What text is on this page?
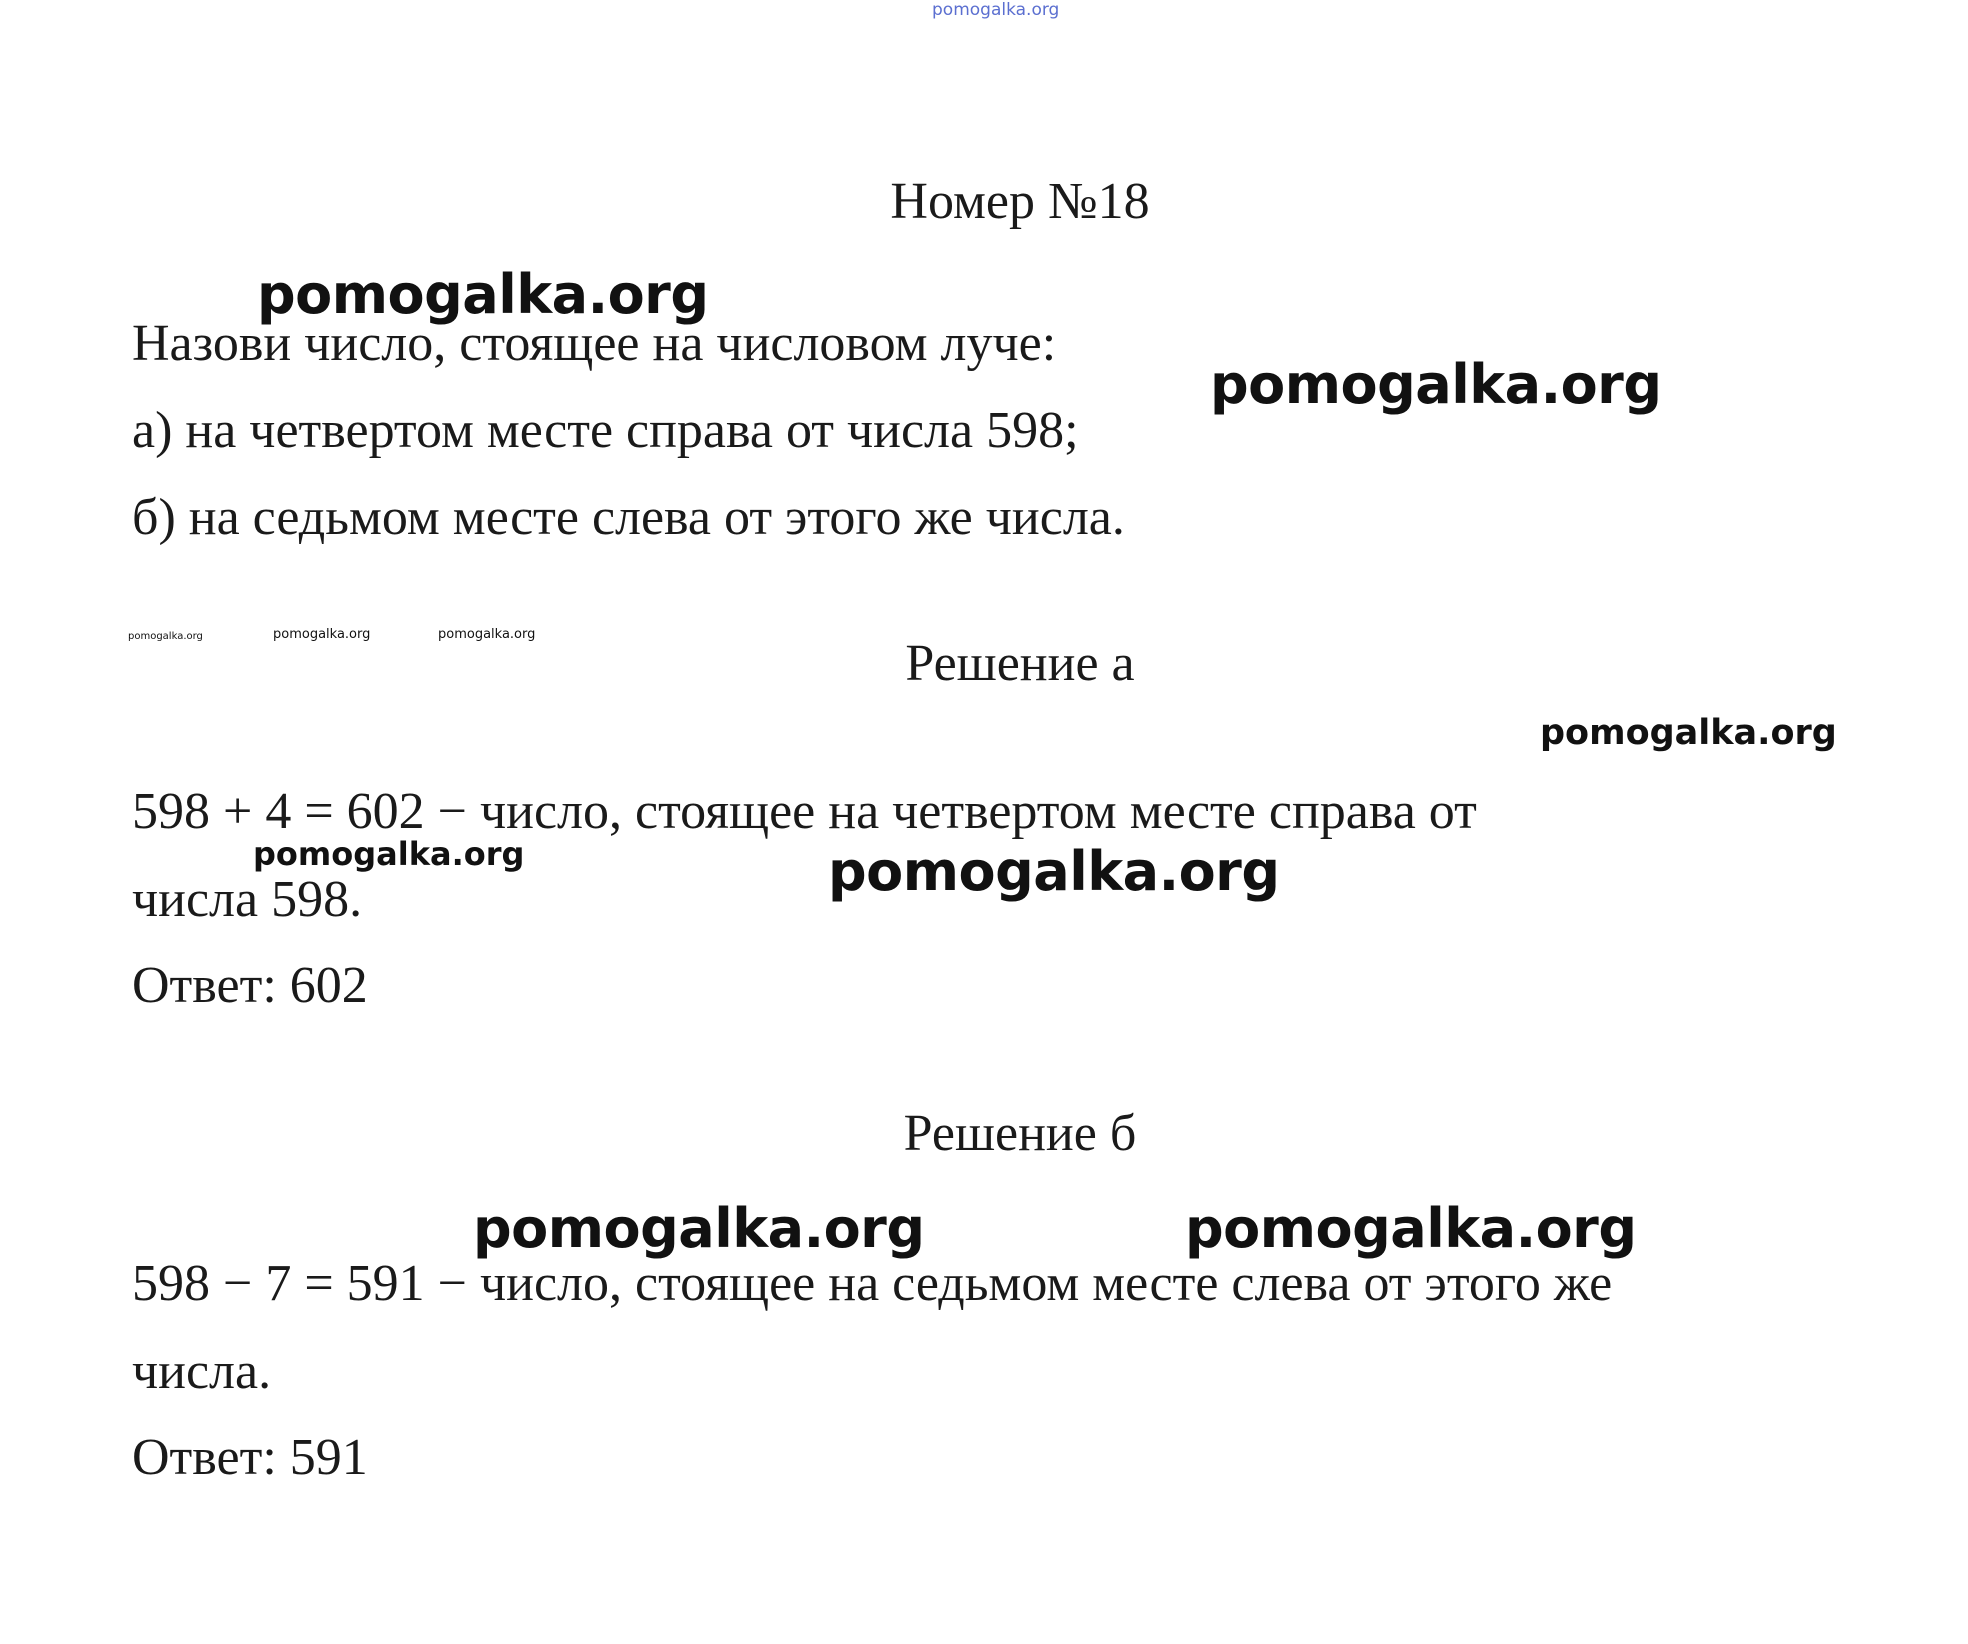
pomogalka.org
Номер №18
Назови число, стоящее на числовом луче:
а) на четвертом месте справа от числа 598;
б) на седьмом месте слева от этого же числа.
Решение а
598 + 4 = 602 − число, стоящее на четвертом месте справа от
числа 598.
Ответ: 602
Решение б
598 − 7 = 591 − число, стоящее на седьмом месте слева от этого же
числа.
Ответ: 591
pomogalka.org
pomogalka.org
pomogalka.org	pomogalka.org	pomogalka.org
pomogalka.org
pomogalka.org	pomogalka.org
pomogalka.org	pomogalka.org
